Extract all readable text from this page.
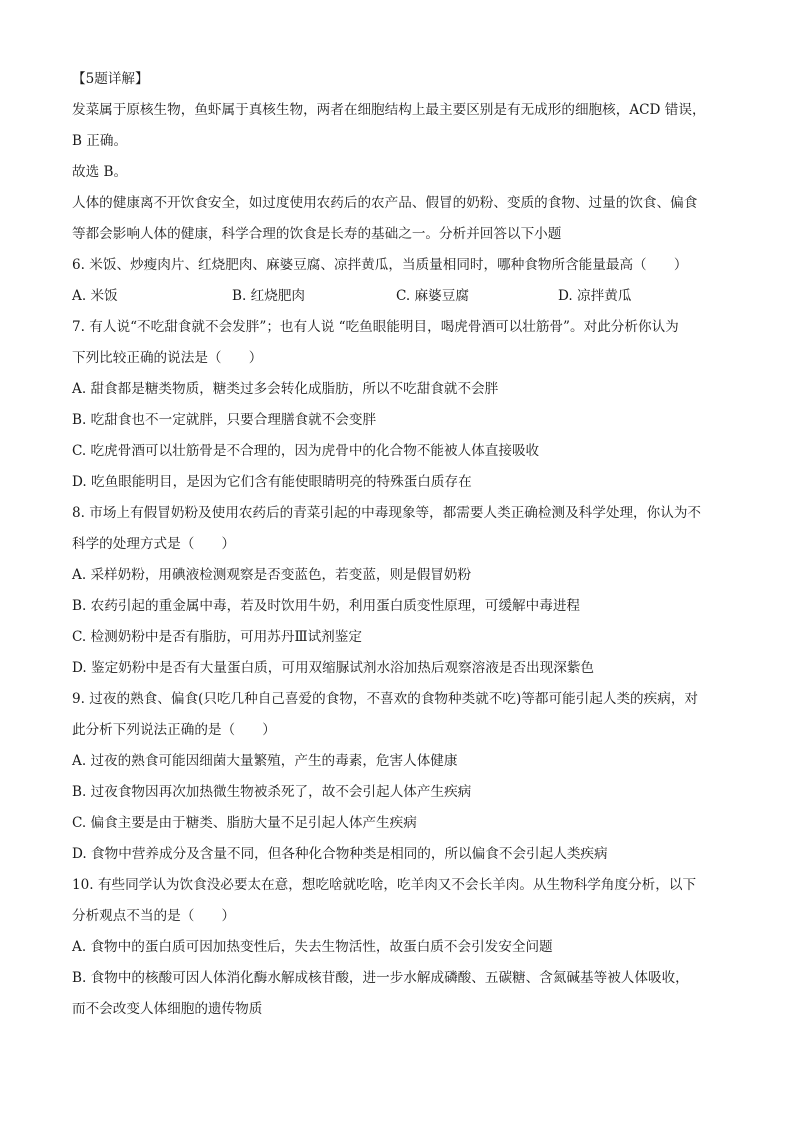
【5题详解】
发菜属于原核生物，鱼虾属于真核生物，两者在细胞结构上最主要区别是有无成形的细胞核，ACD 错误，
B 正确。
故选 B。
人体的健康离不开饮食安全，如过度使用农药后的农产品、假冒的奶粉、变质的食物、过量的饮食、偏食
等都会影响人体的健康，科学合理的饮食是长寿的基础之一。分析并回答以下小题
6. 米饭、炒瘦肉片、红烧肥肉、麻婆豆腐、凉拌黄瓜，当质量相同时，哪种食物所含能量最高（　　）
A. 米饭	B. 红烧肥肉	C. 麻婆豆腐	D. 凉拌黄瓜
7. 有人说“不吃甜食就不会发胖”；也有人说 “吃鱼眼能明目，喝虎骨酒可以壮筋骨”。对此分析你认为
下列比较正确的说法是（　　）
A. 甜食都是糖类物质，糖类过多会转化成脂肪，所以不吃甜食就不会胖
B. 吃甜食也不一定就胖，只要合理膳食就不会变胖
C. 吃虎骨酒可以壮筋骨是不合理的，因为虎骨中的化合物不能被人体直接吸收
D. 吃鱼眼能明目，是因为它们含有能使眼睛明亮的特殊蛋白质存在
8. 市场上有假冒奶粉及使用农药后的青菜引起的中毒现象等，都需要人类正确检测及科学处理，你认为不
科学的处理方式是（　　）
A. 采样奶粉，用碘液检测观察是否变蓝色，若变蓝，则是假冒奶粉
B. 农药引起的重金属中毒，若及时饮用牛奶，利用蛋白质变性原理，可缓解中毒进程
C. 检测奶粉中是否有脂肪，可用苏丹Ⅲ试剂鉴定
D. 鉴定奶粉中是否有大量蛋白质，可用双缩脲试剂水浴加热后观察溶液是否出现深紫色
9. 过夜的熟食、偏食(只吃几种自己喜爱的食物，不喜欢的食物种类就不吃)等都可能引起人类的疾病，对
此分析下列说法正确的是（　　）
A. 过夜的熟食可能因细菌大量繁殖，产生的毒素，危害人体健康
B. 过夜食物因再次加热微生物被杀死了，故不会引起人体产生疾病
C. 偏食主要是由于糖类、脂肪大量不足引起人体产生疾病
D. 食物中营养成分及含量不同，但各种化合物种类是相同的，所以偏食不会引起人类疾病
10. 有些同学认为饮食没必要太在意，想吃啥就吃啥，吃羊肉又不会长羊肉。从生物科学角度分析，以下
分析观点不当的是（　　）
A. 食物中的蛋白质可因加热变性后，失去生物活性，故蛋白质不会引发安全问题
B. 食物中的核酸可因人体消化酶水解成核苷酸，进一步水解成磷酸、五碳糖、含氮碱基等被人体吸收，
而不会改变人体细胞的遗传物质
